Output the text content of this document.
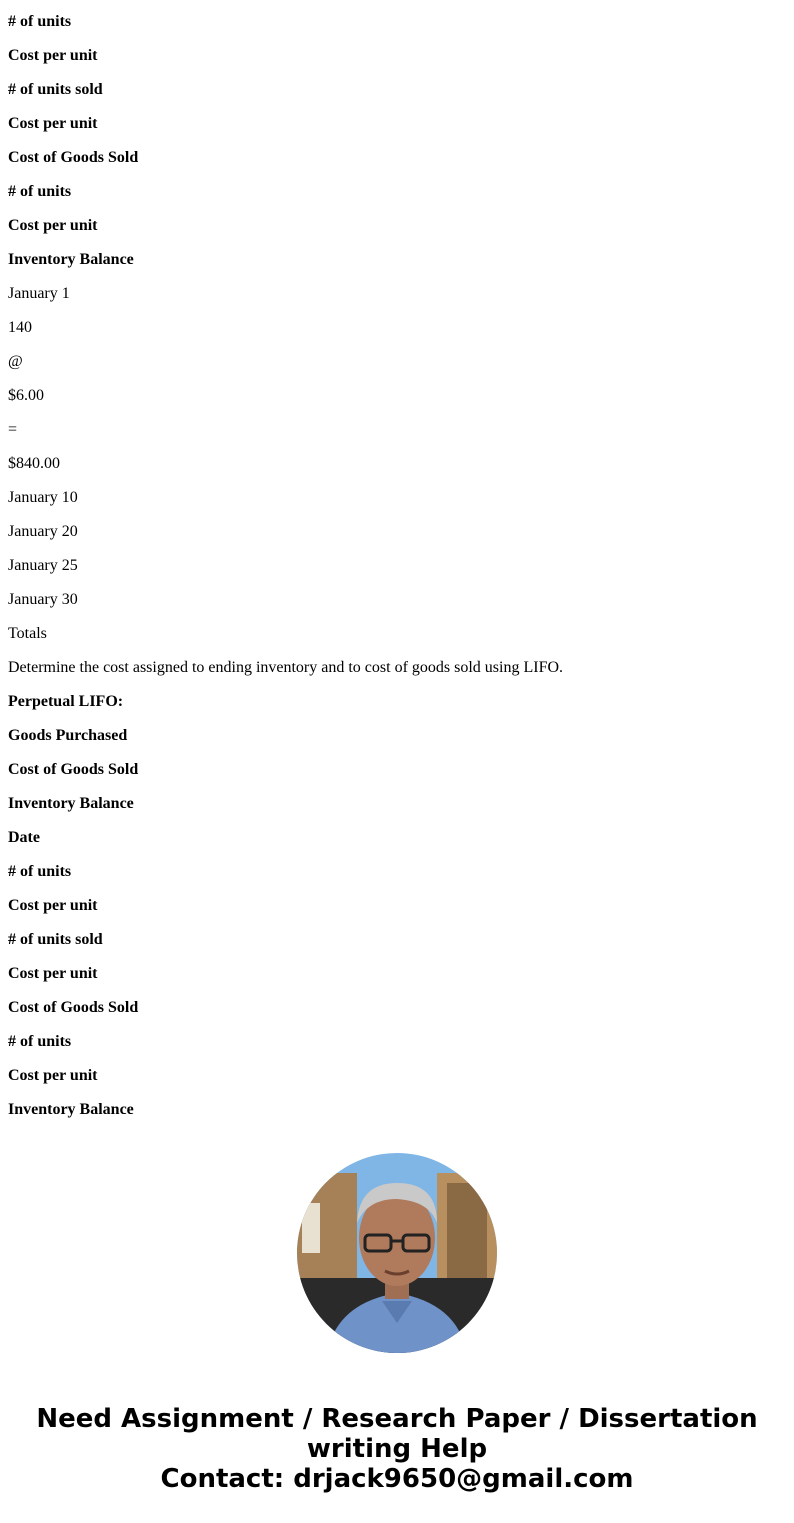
# of units

Cost per unit

# of units sold

Cost per unit

Cost of Goods Sold

# of units

Cost per unit

Inventory Balance

January 1

140

@

$6.00

=

$840.00

January 10

January 20

January 25

January 30

Totals

Determine the cost assigned to ending inventory and to cost of goods sold using LIFO.

Perpetual LIFO:

Goods Purchased

Cost of Goods Sold

Inventory Balance

Date

# of units

Cost per unit

# of units sold

Cost per unit

Cost of Goods Sold

# of units

Cost per unit

Inventory Balance

Need Assignment / Research Paper / Dissertation
writing Help
Contact: drjack9650@gmail.com
